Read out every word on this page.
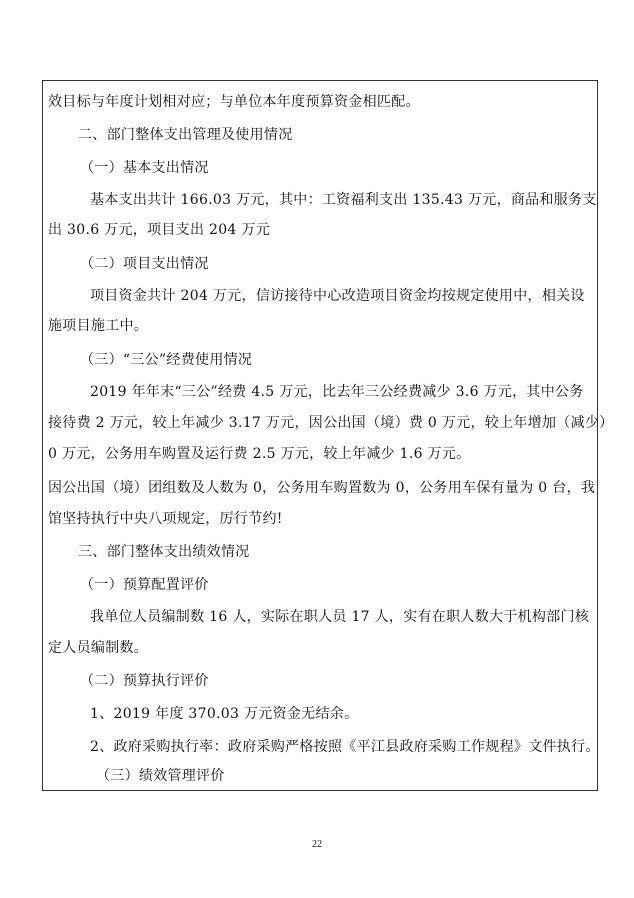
效目标与年度计划相对应；与单位本年度预算资金相匹配。
二、部门整体支出管理及使用情况
（一）基本支出情况
基本支出共计 166.03 万元，其中：工资福利支出 135.43 万元，商品和服务支
出 30.6 万元，项目支出 204 万元
（二）项目支出情况
项目资金共计 204 万元，信访接待中心改造项目资金均按规定使用中，相关设
施项目施工中。
（三）“三公”经费使用情况
2019 年年末“三公”经费 4.5 万元，比去年三公经费减少 3.6 万元，其中公务
接待费 2 万元，较上年减少 3.17 万元，因公出国（境）费 0 万元，较上年增加（减少）
0 万元，公务用车购置及运行费 2.5 万元，较上年减少 1.6 万元。
因公出国（境）团组数及人数为 0，公务用车购置数为 0，公务用车保有量为 0 台，我
馆坚持执行中央八项规定，厉行节约!
三、部门整体支出绩效情况
（一）预算配置评价
我单位人员编制数 16 人，实际在职人员 17 人，实有在职人数大于机构部门核
定人员编制数。
（二）预算执行评价
1、2019 年度 370.03 万元资金无结余。
2、政府采购执行率：政府采购严格按照《平江县政府采购工作规程》文件执行。
（三）绩效管理评价
22
